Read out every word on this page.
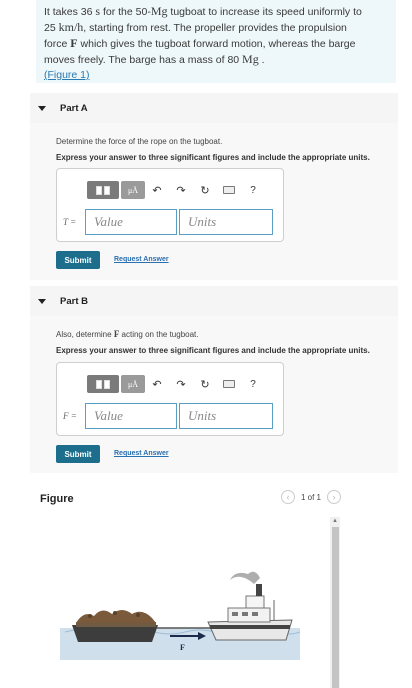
It takes 36 s for the 50-Mg tugboat to increase its speed uniformly to
25 km/h, starting from rest. The propeller provides the propulsion
force F which gives the tugboat forward motion, whereas the barge
moves freely. The barge has a mass of 80 Mg .
(Figure 1)
Part A
Determine the force of the rope on the tugboat.
Express your answer to three significant figures and include the appropriate units.
μÅ	↶	↷	↻	?
T =
Value
Units
Submit	Request Answer
Part B
Also, determine F acting on the tugboat.
Express your answer to three significant figures and include the appropriate units.
μÅ	↶	↷	↻	?
F =
Value
Units
Submit	Request Answer
Figure	‹	1 of 1	›
▲
F
